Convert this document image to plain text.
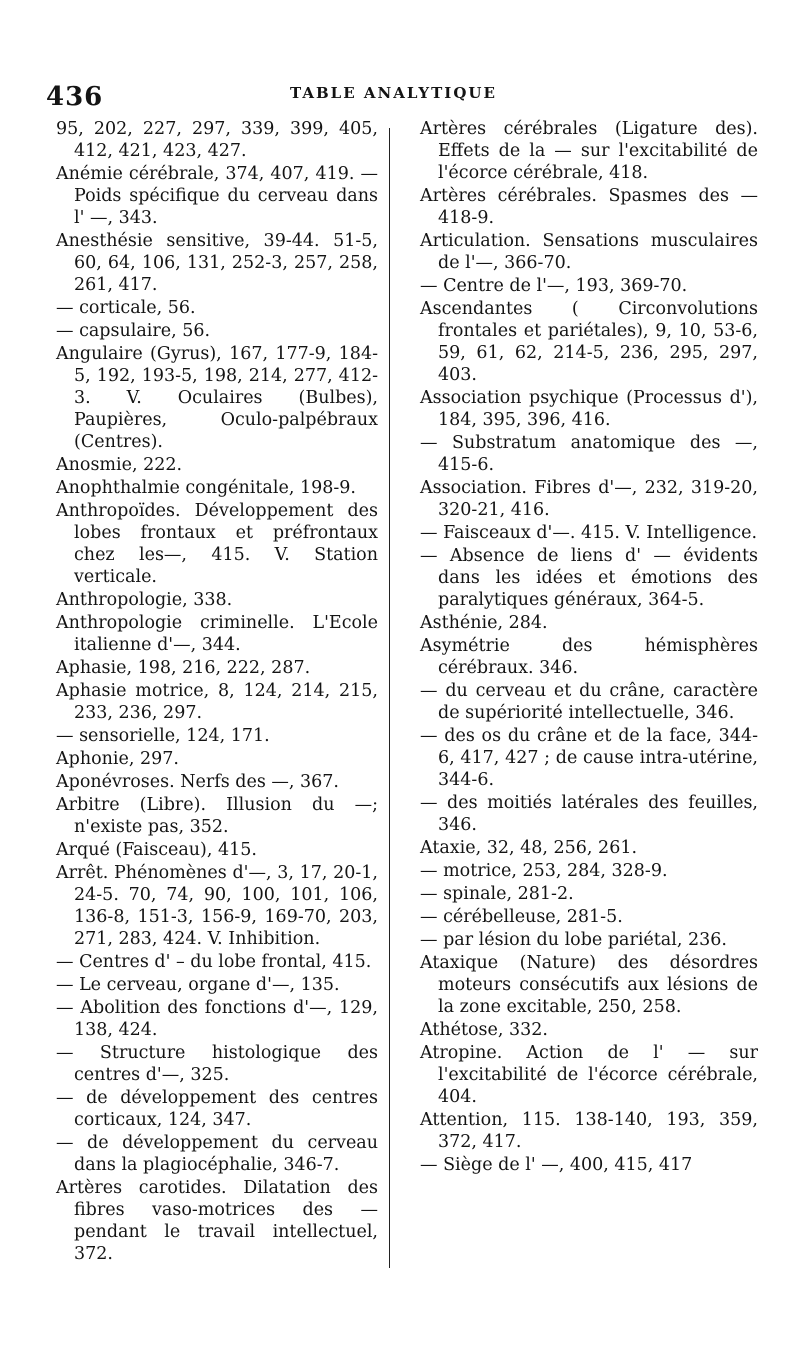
436	TABLE ANALYTIQUE

95, 202, 227, 297, 339, 399, 405, 412, 421, 423, 427.

Anémie cérébrale, 374, 407, 419. — Poids spécifique du cerveau dans l' —, 343.

Anesthésie sensitive, 39-44. 51-5, 60, 64, 106, 131, 252-3, 257, 258, 261, 417.

— corticale, 56.

— capsulaire, 56.

Angulaire (Gyrus), 167, 177-9, 184-5, 192, 193-5, 198, 214, 277, 412-3. V. Oculaires (Bulbes), Paupières, Oculo-palpébraux (Centres).

Anosmie, 222.

Anophthalmie congénitale, 198-9.

Anthropoïdes. Développement des lobes frontaux et préfrontaux chez les—, 415. V. Station verticale.

Anthropologie, 338.

Anthropologie criminelle. L'Ecole italienne d'—, 344.

Aphasie, 198, 216, 222, 287.

Aphasie motrice, 8, 124, 214, 215, 233, 236, 297.

— sensorielle, 124, 171.

Aphonie, 297.

Aponévroses. Nerfs des —, 367.

Arbitre (Libre). Illusion du —; n'existe pas, 352.

Arqué (Faisceau), 415.

Arrêt. Phénomènes d'—, 3, 17, 20-1, 24-5. 70, 74, 90, 100, 101, 106, 136-8, 151-3, 156-9, 169-70, 203, 271, 283, 424. V. Inhibition.

— Centres d' – du lobe frontal, 415.

— Le cerveau, organe d'—, 135.

— Abolition des fonctions d'—, 129, 138, 424.

— Structure histologique des centres d'—, 325.

— de développement des centres corticaux, 124, 347.

— de développement du cerveau dans la plagiocéphalie, 346-7.

Artères carotides. Dilatation des fibres vaso-motrices des — pendant le travail intellectuel, 372.

Artères cérébrales (Ligature des). Effets de la — sur l'excitabilité de l'écorce cérébrale, 418.

Artères cérébrales. Spasmes des — 418-9.

Articulation. Sensations musculaires de l'—, 366-70.

— Centre de l'—, 193, 369-70.

Ascendantes ( Circonvolutions frontales et pariétales), 9, 10, 53-6, 59, 61, 62, 214-5, 236, 295, 297, 403.

Association psychique (Processus d'), 184, 395, 396, 416.

— Substratum anatomique des —, 415-6.

Association. Fibres d'—, 232, 319-20, 320-21, 416.

— Faisceaux d'—. 415. V. Intelligence.

— Absence de liens d' — évidents dans les idées et émotions des paralytiques généraux, 364-5.

Asthénie, 284.

Asymétrie des hémisphères cérébraux. 346.

— du cerveau et du crâne, caractère de supériorité intellectuelle, 346.

— des os du crâne et de la face, 344-6, 417, 427 ; de cause intra-utérine, 344-6.

— des moitiés latérales des feuilles, 346.

Ataxie, 32, 48, 256, 261.

— motrice, 253, 284, 328-9.

— spinale, 281-2.

— cérébelleuse, 281-5.

— par lésion du lobe pariétal, 236.

Ataxique (Nature) des désordres moteurs consécutifs aux lésions de la zone excitable, 250, 258.

Athétose, 332.

Atropine. Action de l' — sur l'excitabilité de l'écorce cérébrale, 404.

Attention, 115. 138-140, 193, 359, 372, 417.

— Siège de l' —, 400, 415, 417
